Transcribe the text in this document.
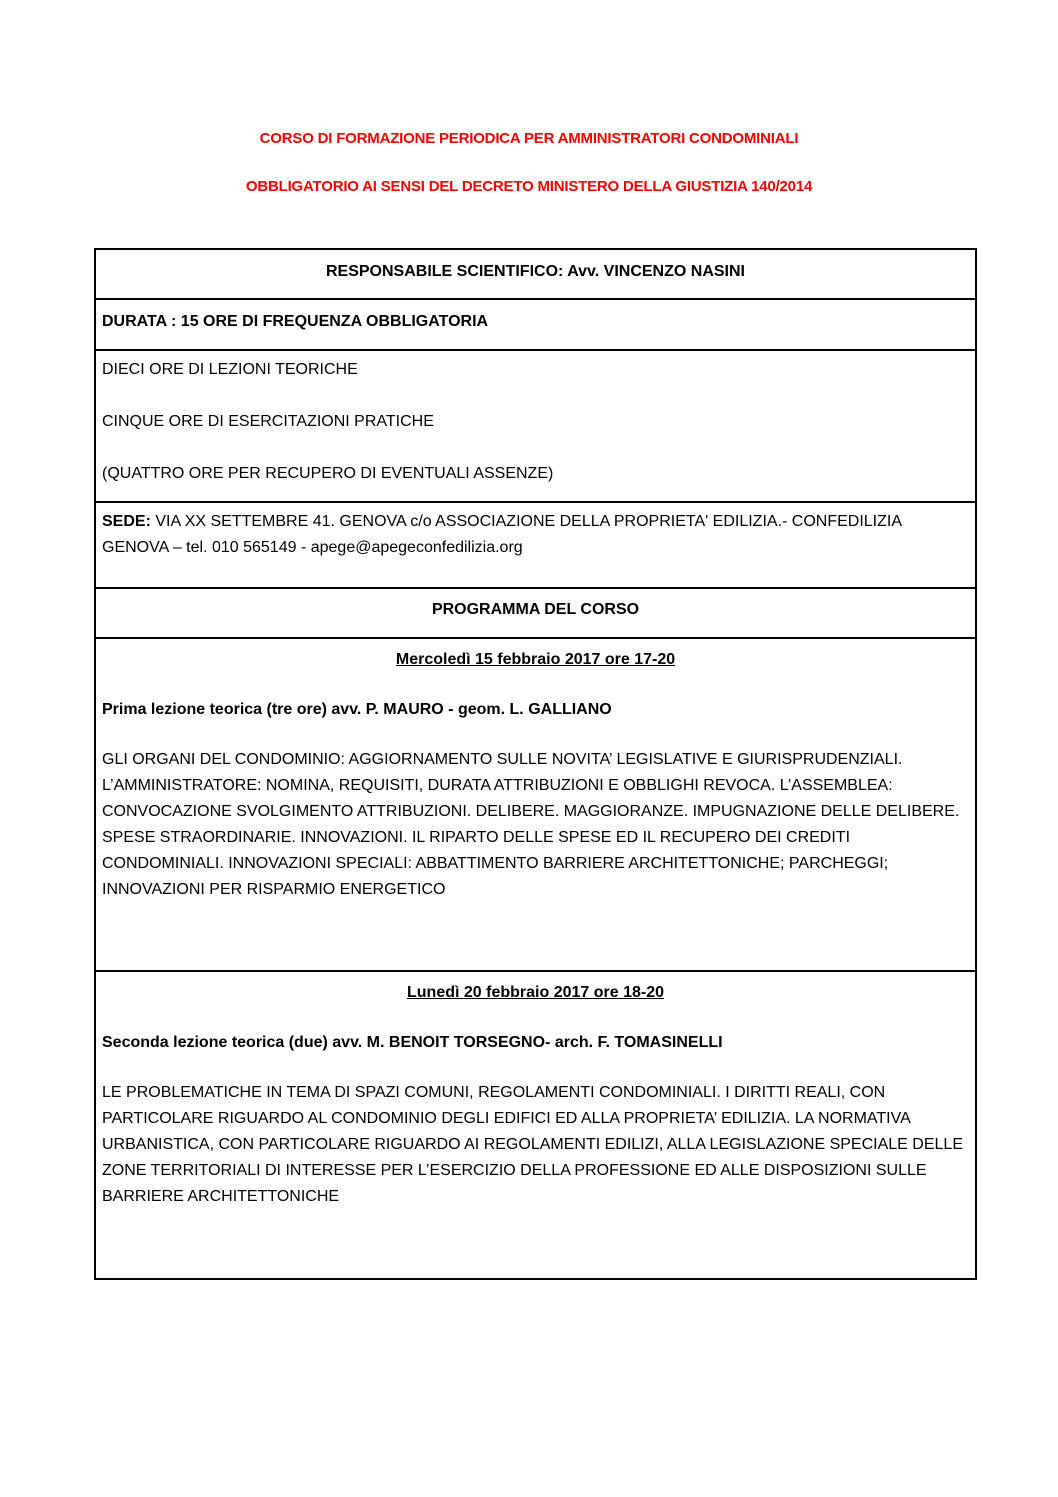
CORSO DI FORMAZIONE PERIODICA PER AMMINISTRATORI CONDOMINIALI
OBBLIGATORIO AI SENSI DEL DECRETO MINISTERO DELLA GIUSTIZIA 140/2014
RESPONSABILE SCIENTIFICO: Avv. VINCENZO NASINI
DURATA : 15 ORE DI FREQUENZA OBBLIGATORIA

DIECI ORE DI LEZIONI TEORICHE

CINQUE ORE DI ESERCITAZIONI PRATICHE

(QUATTRO ORE PER RECUPERO DI EVENTUALI ASSENZE)

SEDE: VIA XX SETTEMBRE 41. GENOVA c/o ASSOCIAZIONE DELLA PROPRIETA' EDILIZIA.- CONFEDILIZIA GENOVA – tel. 010 565149 - apege@apegeconfedilizia.org
PROGRAMMA DEL CORSO

Mercoledì 15 febbraio 2017 ore 17-20

Prima lezione teorica (tre ore) avv. P. MAURO - geom. L. GALLIANO

GLI ORGANI DEL CONDOMINIO: AGGIORNAMENTO SULLE NOVITA’ LEGISLATIVE E GIURISPRUDENZIALI. L’AMMINISTRATORE: NOMINA, REQUISITI, DURATA ATTRIBUZIONI E OBBLIGHI REVOCA. L’ASSEMBLEA: CONVOCAZIONE SVOLGIMENTO ATTRIBUZIONI. DELIBERE. MAGGIORANZE. IMPUGNAZIONE DELLE DELIBERE. SPESE STRAORDINARIE. INNOVAZIONI. IL RIPARTO DELLE SPESE ED IL RECUPERO DEI CREDITI CONDOMINIALI. INNOVAZIONI SPECIALI: ABBATTIMENTO BARRIERE ARCHITETTONICHE; PARCHEGGI; INNOVAZIONI PER RISPARMIO ENERGETICO

Lunedì 20 febbraio 2017 ore 18-20

Seconda lezione teorica (due) avv. M. BENOIT TORSEGNO- arch. F. TOMASINELLI

LE PROBLEMATICHE IN TEMA DI SPAZI COMUNI, REGOLAMENTI CONDOMINIALI. I DIRITTI REALI, CON PARTICOLARE RIGUARDO AL CONDOMINIO DEGLI EDIFICI ED ALLA PROPRIETA’ EDILIZIA. LA NORMATIVA URBANISTICA, CON PARTICOLARE RIGUARDO AI REGOLAMENTI EDILIZI, ALLA LEGISLAZIONE SPECIALE DELLE ZONE TERRITORIALI DI INTERESSE PER L’ESERCIZIO DELLA PROFESSIONE ED ALLE DISPOSIZIONI SULLE BARRIERE ARCHITETTONICHE
